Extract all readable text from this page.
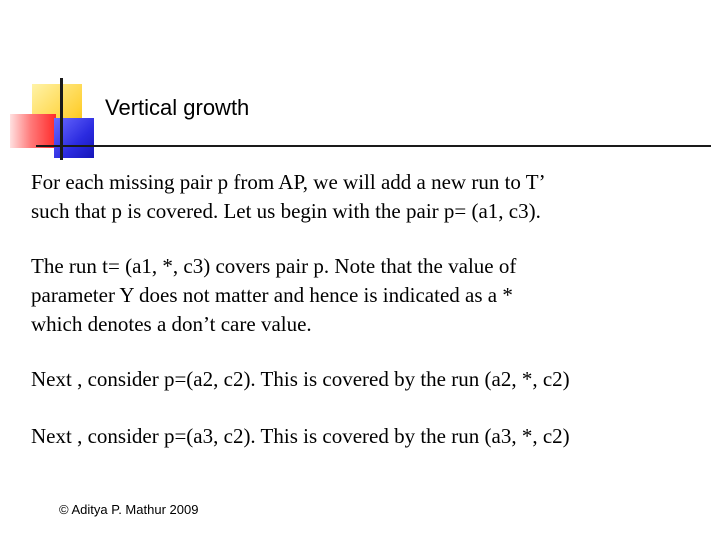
Vertical growth
For each missing pair p from AP, we will add a new run to T’
such that p is covered. Let us begin with the pair p= (a1, c3).
The run t= (a1, *, c3) covers pair p. Note that the value of
parameter Y does not matter and hence is indicated as a *
which denotes a don’t care value.
Next , consider p=(a2, c2). This is covered by the run (a2, *, c2)
Next , consider p=(a3, c2). This is covered by the run (a3, *, c2)
© Aditya P. Mathur 2009
